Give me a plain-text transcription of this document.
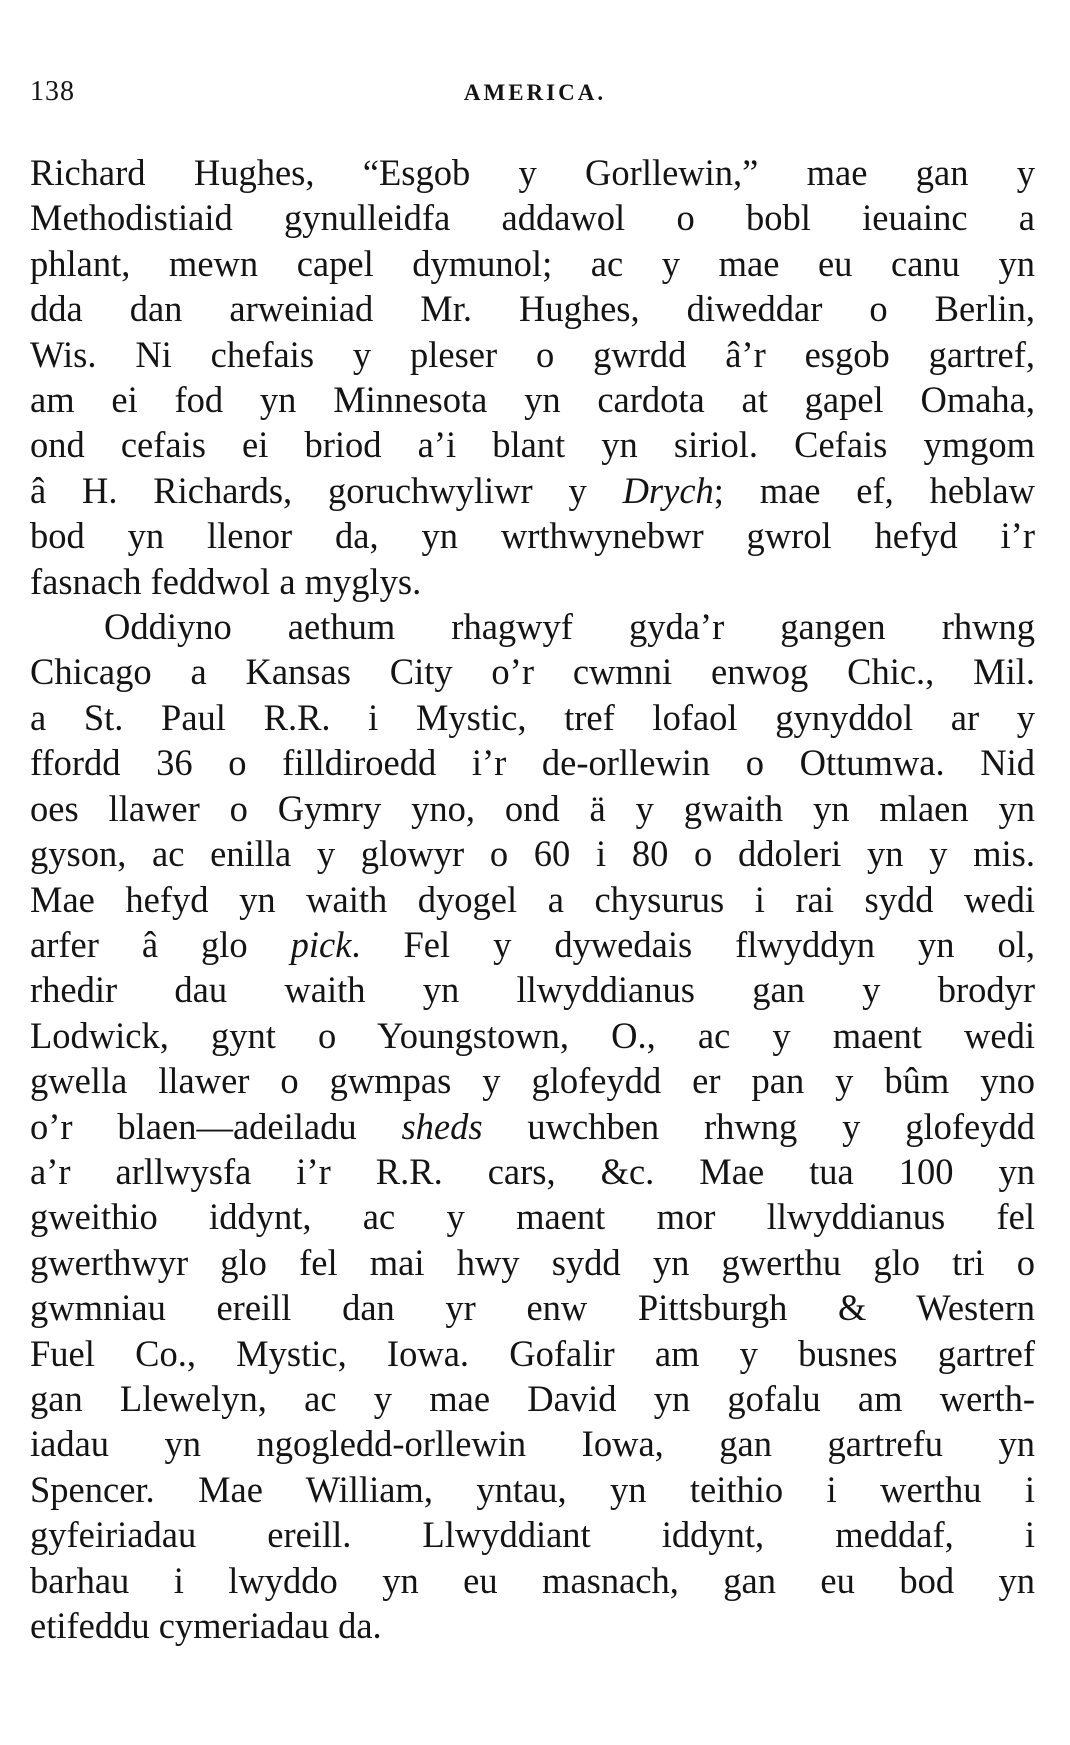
138	AMERICA.
Richard Hughes, “Esgob y Gorllewin,” mae gan y
Methodistiaid gynulleidfa addawol o bobl ieuainc a
phlant, mewn capel dymunol; ac y mae eu canu yn
dda dan arweiniad Mr. Hughes, diweddar o Berlin,
Wis. Ni chefais y pleser o gwrdd â’r esgob gartref,
am ei fod yn Minnesota yn cardota at gapel Omaha,
ond cefais ei briod a’i blant yn siriol. Cefais ymgom
â H. Richards, goruchwyliwr y Drych; mae ef, heblaw
bod yn llenor da, yn wrthwynebwr gwrol hefyd i’r
fasnach feddwol a myglys.
Oddiyno aethum rhagwyf gyda’r gangen rhwng
Chicago a Kansas City o’r cwmni enwog Chic., Mil.
a St. Paul R.R. i Mystic, tref lofaol gynyddol ar y
ffordd 36 o filldiroedd i’r de-orllewin o Ottumwa. Nid
oes llawer o Gymry yno, ond ä y gwaith yn mlaen yn
gyson, ac enilla y glowyr o 60 i 80 o ddoleri yn y mis.
Mae hefyd yn waith dyogel a chysurus i rai sydd wedi
arfer â glo pick. Fel y dywedais flwyddyn yn ol,
rhedir dau waith yn llwyddianus gan y brodyr
Lodwick, gynt o Youngstown, O., ac y maent wedi
gwella llawer o gwmpas y glofeydd er pan y bûm yno
o’r blaen—adeiladu sheds uwchben rhwng y glofeydd
a’r arllwysfa i’r R.R. cars, &c. Mae tua 100 yn
gweithio iddynt, ac y maent mor llwyddianus fel
gwerthwyr glo fel mai hwy sydd yn gwerthu glo tri o
gwmniau ereill dan yr enw Pittsburgh & Western
Fuel Co., Mystic, Iowa. Gofalir am y busnes gartref
gan Llewelyn, ac y mae David yn gofalu am werth-
iadau yn ngogledd-orllewin Iowa, gan gartrefu yn
Spencer. Mae William, yntau, yn teithio i werthu i
gyfeiriadau ereill. Llwyddiant iddynt, meddaf, i
barhau i lwyddo yn eu masnach, gan eu bod yn
etifeddu cymeriadau da.
